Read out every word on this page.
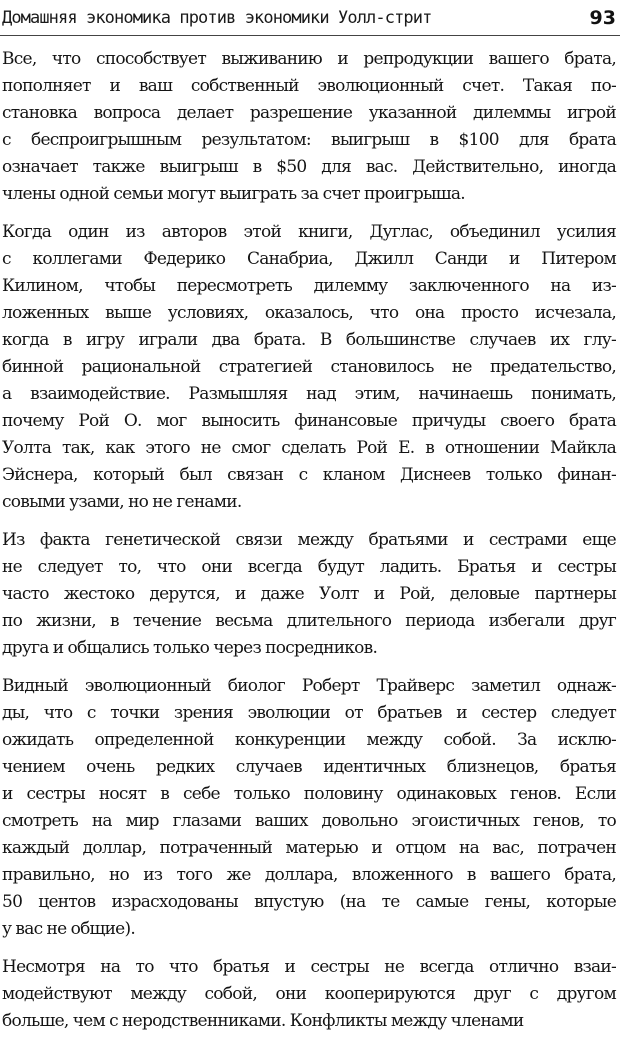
Домашняя экономика против экономики Уолл-стрит	93
Все, что способствует выживанию и репродукции вашего брата,
пополняет и ваш собственный эволюционный счет. Такая по-
становка вопроса делает разрешение указанной дилеммы игрой
с беспроигрышным результатом: выигрыш в $100 для брата
означает также выигрыш в $50 для вас. Действительно, иногда
члены одной семьи могут выиграть за счет проигрыша.
Когда один из авторов этой книги, Дуглас, объединил усилия
с коллегами Федерико Санабриа, Джилл Санди и Питером
Килином, чтобы пересмотреть дилемму заключенного на из-
ложенных выше условиях, оказалось, что она просто исчезала,
когда в игру играли два брата. В большинстве случаев их глу-
бинной рациональной стратегией становилось не предательство,
а взаимодействие. Размышляя над этим, начинаешь понимать,
почему Рой О. мог выносить финансовые причуды своего брата
Уолта так, как этого не смог сделать Рой Е. в отношении Майкла
Эйснера, который был связан с кланом Диснеев только финан-
совыми узами, но не генами.
Из факта генетической связи между братьями и сестрами еще
не следует то, что они всегда будут ладить. Братья и сестры
часто жестоко дерутся, и даже Уолт и Рой, деловые партнеры
по жизни, в течение весьма длительного периода избегали друг
друга и общались только через посредников.
Видный эволюционный биолог Роберт Трайверс заметил однаж-
ды, что с точки зрения эволюции от братьев и сестер следует
ожидать определенной конкуренции между собой. За исклю-
чением очень редких случаев идентичных близнецов, братья
и сестры носят в себе только половину одинаковых генов. Если
смотреть на мир глазами ваших довольно эгоистичных генов, то
каждый доллар, потраченный матерью и отцом на вас, потрачен
правильно, но из того же доллара, вложенного в вашего брата,
50 центов израсходованы впустую (на те самые гены, которые
у вас не общие).
Несмотря на то что братья и сестры не всегда отлично взаи-
модействуют между собой, они кооперируются друг с другом
больше, чем с неродственниками. Конфликты между членами
